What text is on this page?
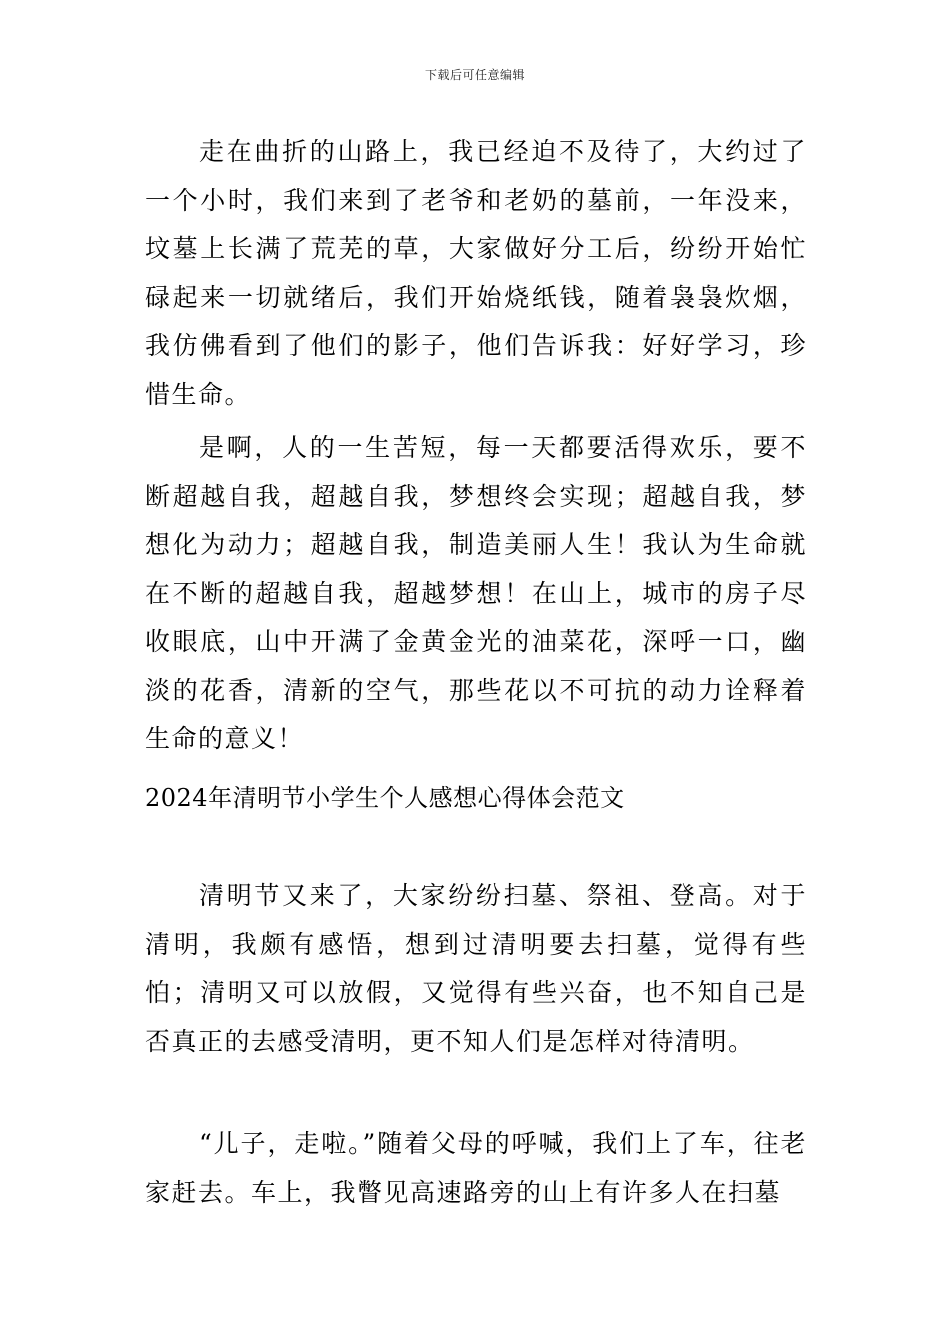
下载后可任意编辑

走在曲折的山路上，我已经迫不及待了，大约过了一个小时，我们来到了老爷和老奶的墓前，一年没来，坟墓上长满了荒芜的草，大家做好分工后，纷纷开始忙碌起来一切就绪后，我们开始烧纸钱，随着袅袅炊烟，我仿佛看到了他们的影子，他们告诉我：好好学习，珍惜生命。

是啊，人的一生苦短，每一天都要活得欢乐，要不断超越自我，超越自我，梦想终会实现；超越自我，梦想化为动力；超越自我，制造美丽人生！我认为生命就在不断的超越自我，超越梦想！在山上，城市的房子尽收眼底，山中开满了金黄金光的油菜花，深呼一口，幽淡的花香，清新的空气，那些花以不可抗的动力诠释着生命的意义！

2024年清明节小学生个人感想心得体会范文

清明节又来了，大家纷纷扫墓、祭祖、登高。对于清明，我颇有感悟，想到过清明要去扫墓，觉得有些怕；清明又可以放假，又觉得有些兴奋，也不知自己是否真正的去感受清明，更不知人们是怎样对待清明。

“儿子，走啦。”随着父母的呼喊，我们上了车，往老家赶去。车上，我瞥见高速路旁的山上有许多人在扫墓
